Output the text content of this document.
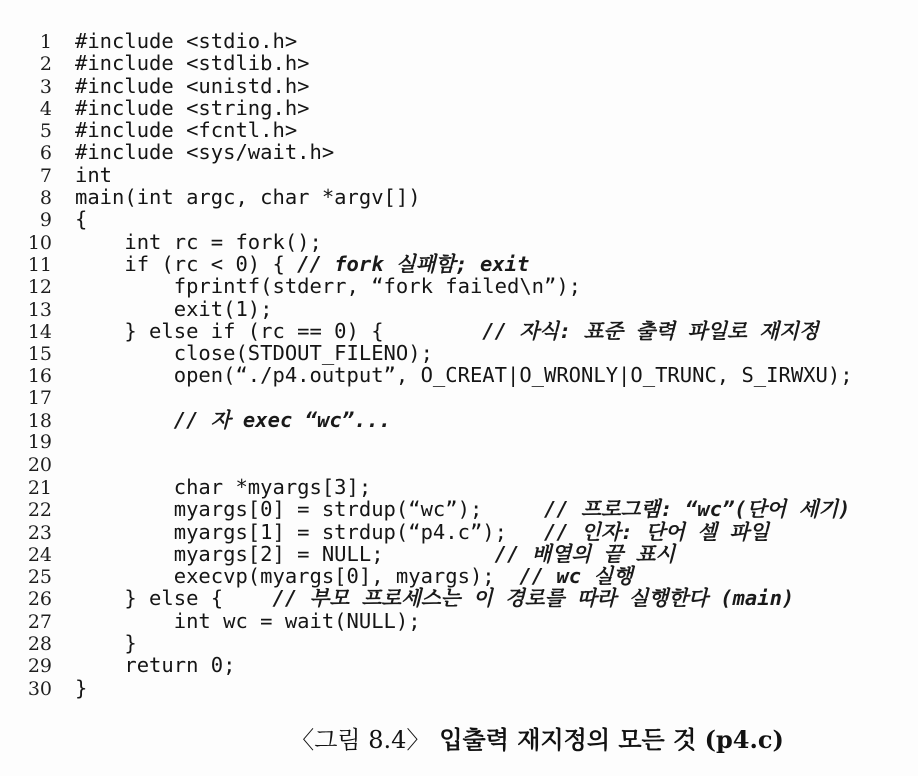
1 #include <stdio.h>
2 #include <stdlib.h>
3 #include <unistd.h>
4 #include <string.h>
5 #include <fcntl.h>
6 #include <sys/wait.h>
7 int
8 main(int argc, char *argv[])
9 {
10 int rc = fork();
11 if (rc < 0) { // fork 실패함; exit
12 fprintf(stderr, “fork failed\n”);
13 exit(1);
14 } else if (rc == 0) {        // 자식: 표준 출력 파일로 재지정
15 close(STDOUT_FILENO);
16 open(“./p4.output”, O_CREAT|O_WRONLY|O_TRUNC, S_IRWXU);
17
18	// 자 exec “wc”...
19
20
21 char *myargs[3];
22 myargs[0] = strdup(“wc”);     // 프로그램: “wc”(단어 세기)
23 myargs[1] = strdup(“p4.c”);   // 인자: 단어 셀 파일
24 myargs[2] = NULL;         // 배열의 끝 표시
25 execvp(myargs[0], myargs);  // wc 실행
26 } else {    // 부모 프로세스는 이 경로를 따라 실행한다 (main)
27 int wc = wait(NULL);
28 }
29 return 0;
30 }
〈그림 8.4〉 입출력 재지정의 모든 것 (p4.c)
